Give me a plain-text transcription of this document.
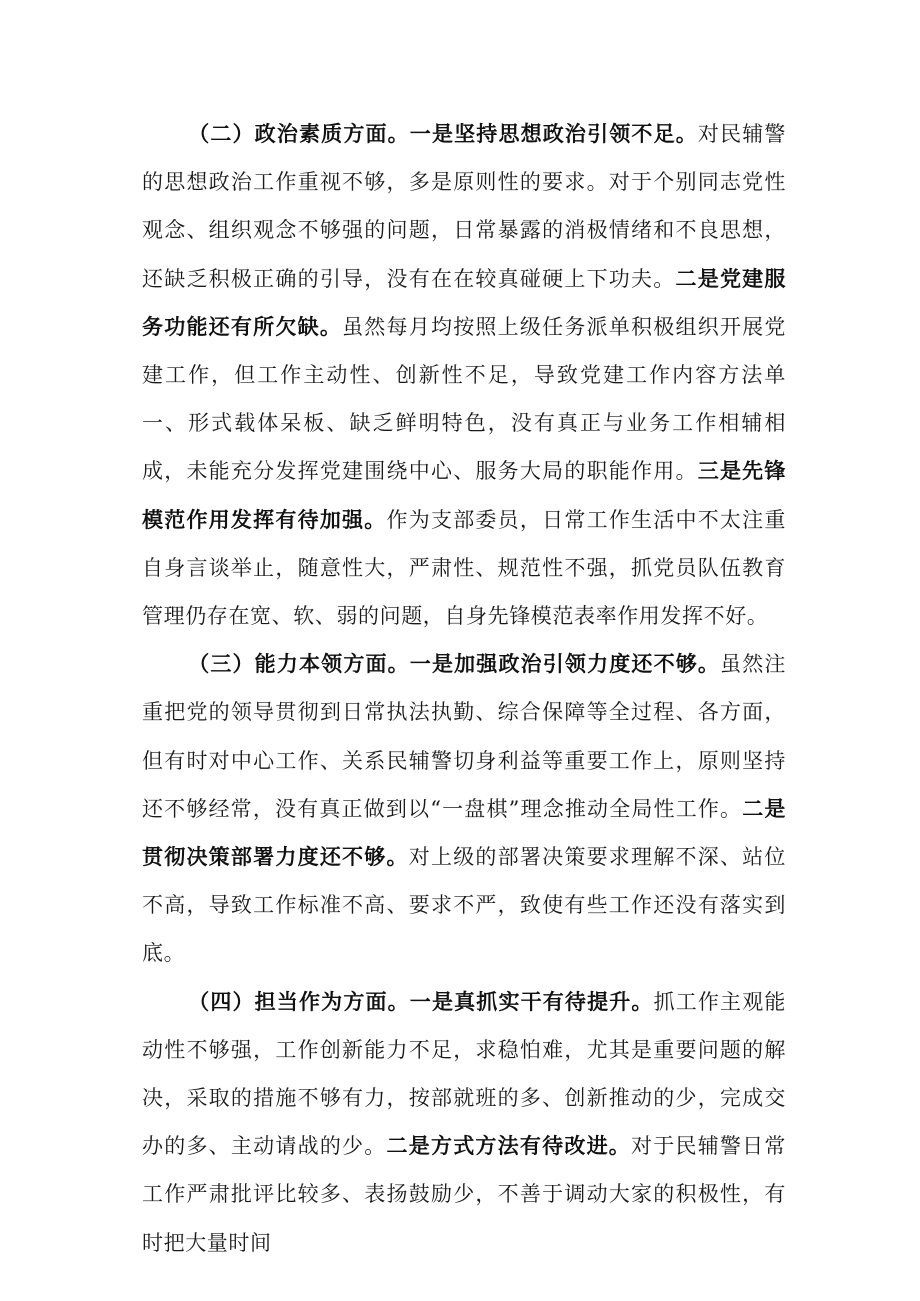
（二）政治素质方面。一是坚持思想政治引领不足。对民辅警的思想政治工作重视不够，多是原则性的要求。对于个别同志党性观念、组织观念不够强的问题，日常暴露的消极情绪和不良思想，还缺乏积极正确的引导，没有在在较真碰硬上下功夫。二是党建服务功能还有所欠缺。虽然每月均按照上级任务派单积极组织开展党建工作，但工作主动性、创新性不足，导致党建工作内容方法单一、形式载体呆板、缺乏鲜明特色，没有真正与业务工作相辅相成，未能充分发挥党建围绕中心、服务大局的职能作用。三是先锋模范作用发挥有待加强。作为支部委员，日常工作生活中不太注重自身言谈举止，随意性大，严肃性、规范性不强，抓党员队伍教育管理仍存在宽、软、弱的问题，自身先锋模范表率作用发挥不好。

（三）能力本领方面。一是加强政治引领力度还不够。虽然注重把党的领导贯彻到日常执法执勤、综合保障等全过程、各方面，但有时对中心工作、关系民辅警切身利益等重要工作上，原则坚持还不够经常，没有真正做到以“一盘棋”理念推动全局性工作。二是贯彻决策部署力度还不够。对上级的部署决策要求理解不深、站位不高，导致工作标准不高、要求不严，致使有些工作还没有落实到底。

（四）担当作为方面。一是真抓实干有待提升。抓工作主观能动性不够强，工作创新能力不足，求稳怕难，尤其是重要问题的解决，采取的措施不够有力，按部就班的多、创新推动的少，完成交办的多、主动请战的少。二是方式方法有待改进。对于民辅警日常工作严肃批评比较多、表扬鼓励少，不善于调动大家的积极性，有时把大量时间
